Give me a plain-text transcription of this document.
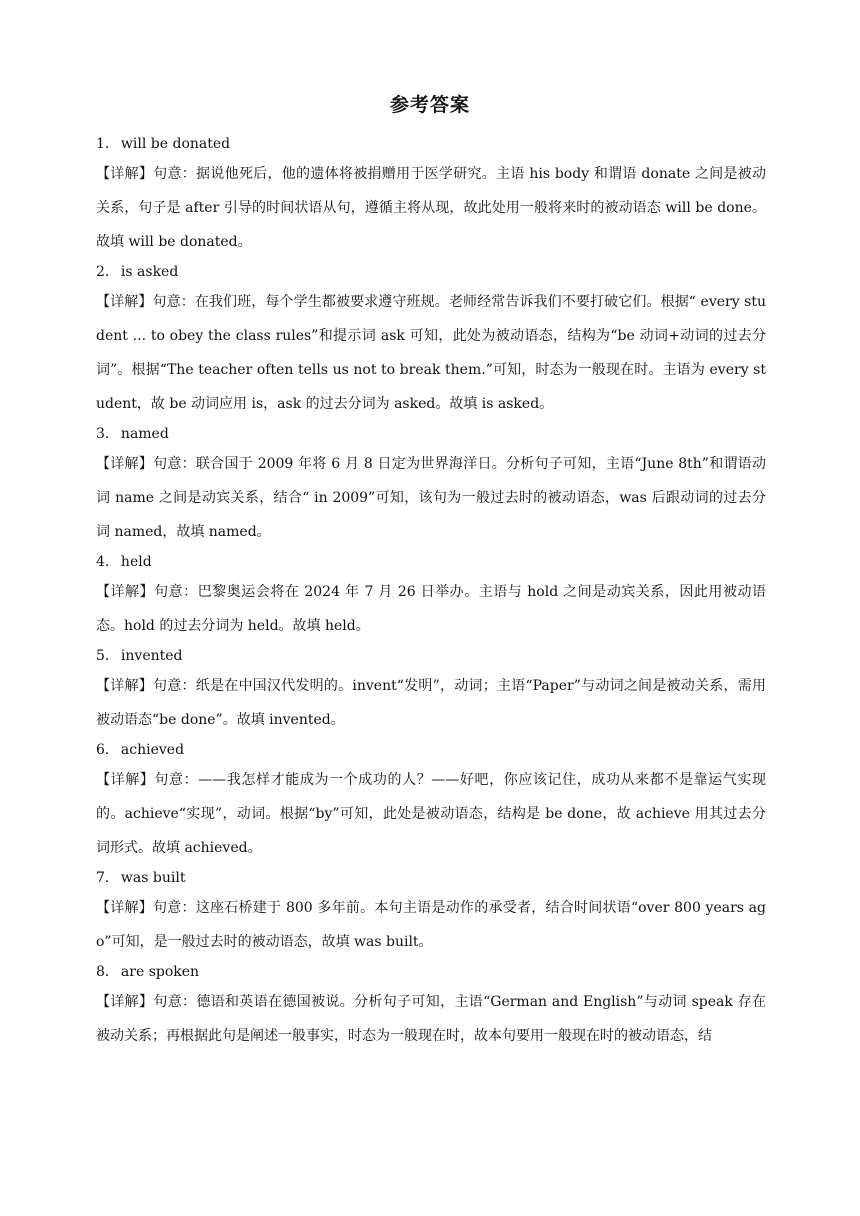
参考答案

1． will be donated

【详解】句意：据说他死后，他的遗体将被捐赠用于医学研究。主语 his body 和谓语 donate 之间是被动关系，句子是 after 引导的时间状语从句，遵循主将从现，故此处用一般将来时的被动语态 will be done。故填 will be donated。

2． is asked

【详解】句意：在我们班，每个学生都被要求遵守班规。老师经常告诉我们不要打破它们。根据“ every student ... to obey the class rules”和提示词 ask 可知，此处为被动语态，结构为“be 动词+动词的过去分词”。根据“The teacher often tells us not to break them.”可知，时态为一般现在时。主语为 every student，故 be 动词应用 is，ask 的过去分词为 asked。故填 is asked。

3． named

【详解】句意：联合国于 2009 年将 6 月 8 日定为世界海洋日。分析句子可知，主语“June 8th”和谓语动词 name 之间是动宾关系，结合“ in 2009”可知，该句为一般过去时的被动语态，was 后跟动词的过去分词 named，故填 named。

4． held

【详解】句意：巴黎奥运会将在 2024 年 7 月 26 日举办。主语与 hold 之间是动宾关系，因此用被动语态。hold 的过去分词为 held。故填 held。

5． invented

【详解】句意：纸是在中国汉代发明的。invent“发明”，动词；主语“Paper”与动词之间是被动关系，需用被动语态“be done”。故填 invented。

6． achieved

【详解】句意：——我怎样才能成为一个成功的人？——好吧，你应该记住，成功从来都不是靠运气实现的。achieve“实现”，动词。根据“by”可知，此处是被动语态，结构是 be done，故 achieve 用其过去分词形式。故填 achieved。

7． was built

【详解】句意：这座石桥建于 800 多年前。本句主语是动作的承受者，结合时间状语“over 800 years ago”可知，是一般过去时的被动语态，故填 was built。

8． are spoken

【详解】句意：德语和英语在德国被说。分析句子可知，主语“German and English”与动词 speak 存在被动关系；再根据此句是阐述一般事实，时态为一般现在时，故本句要用一般现在时的被动语态，结
